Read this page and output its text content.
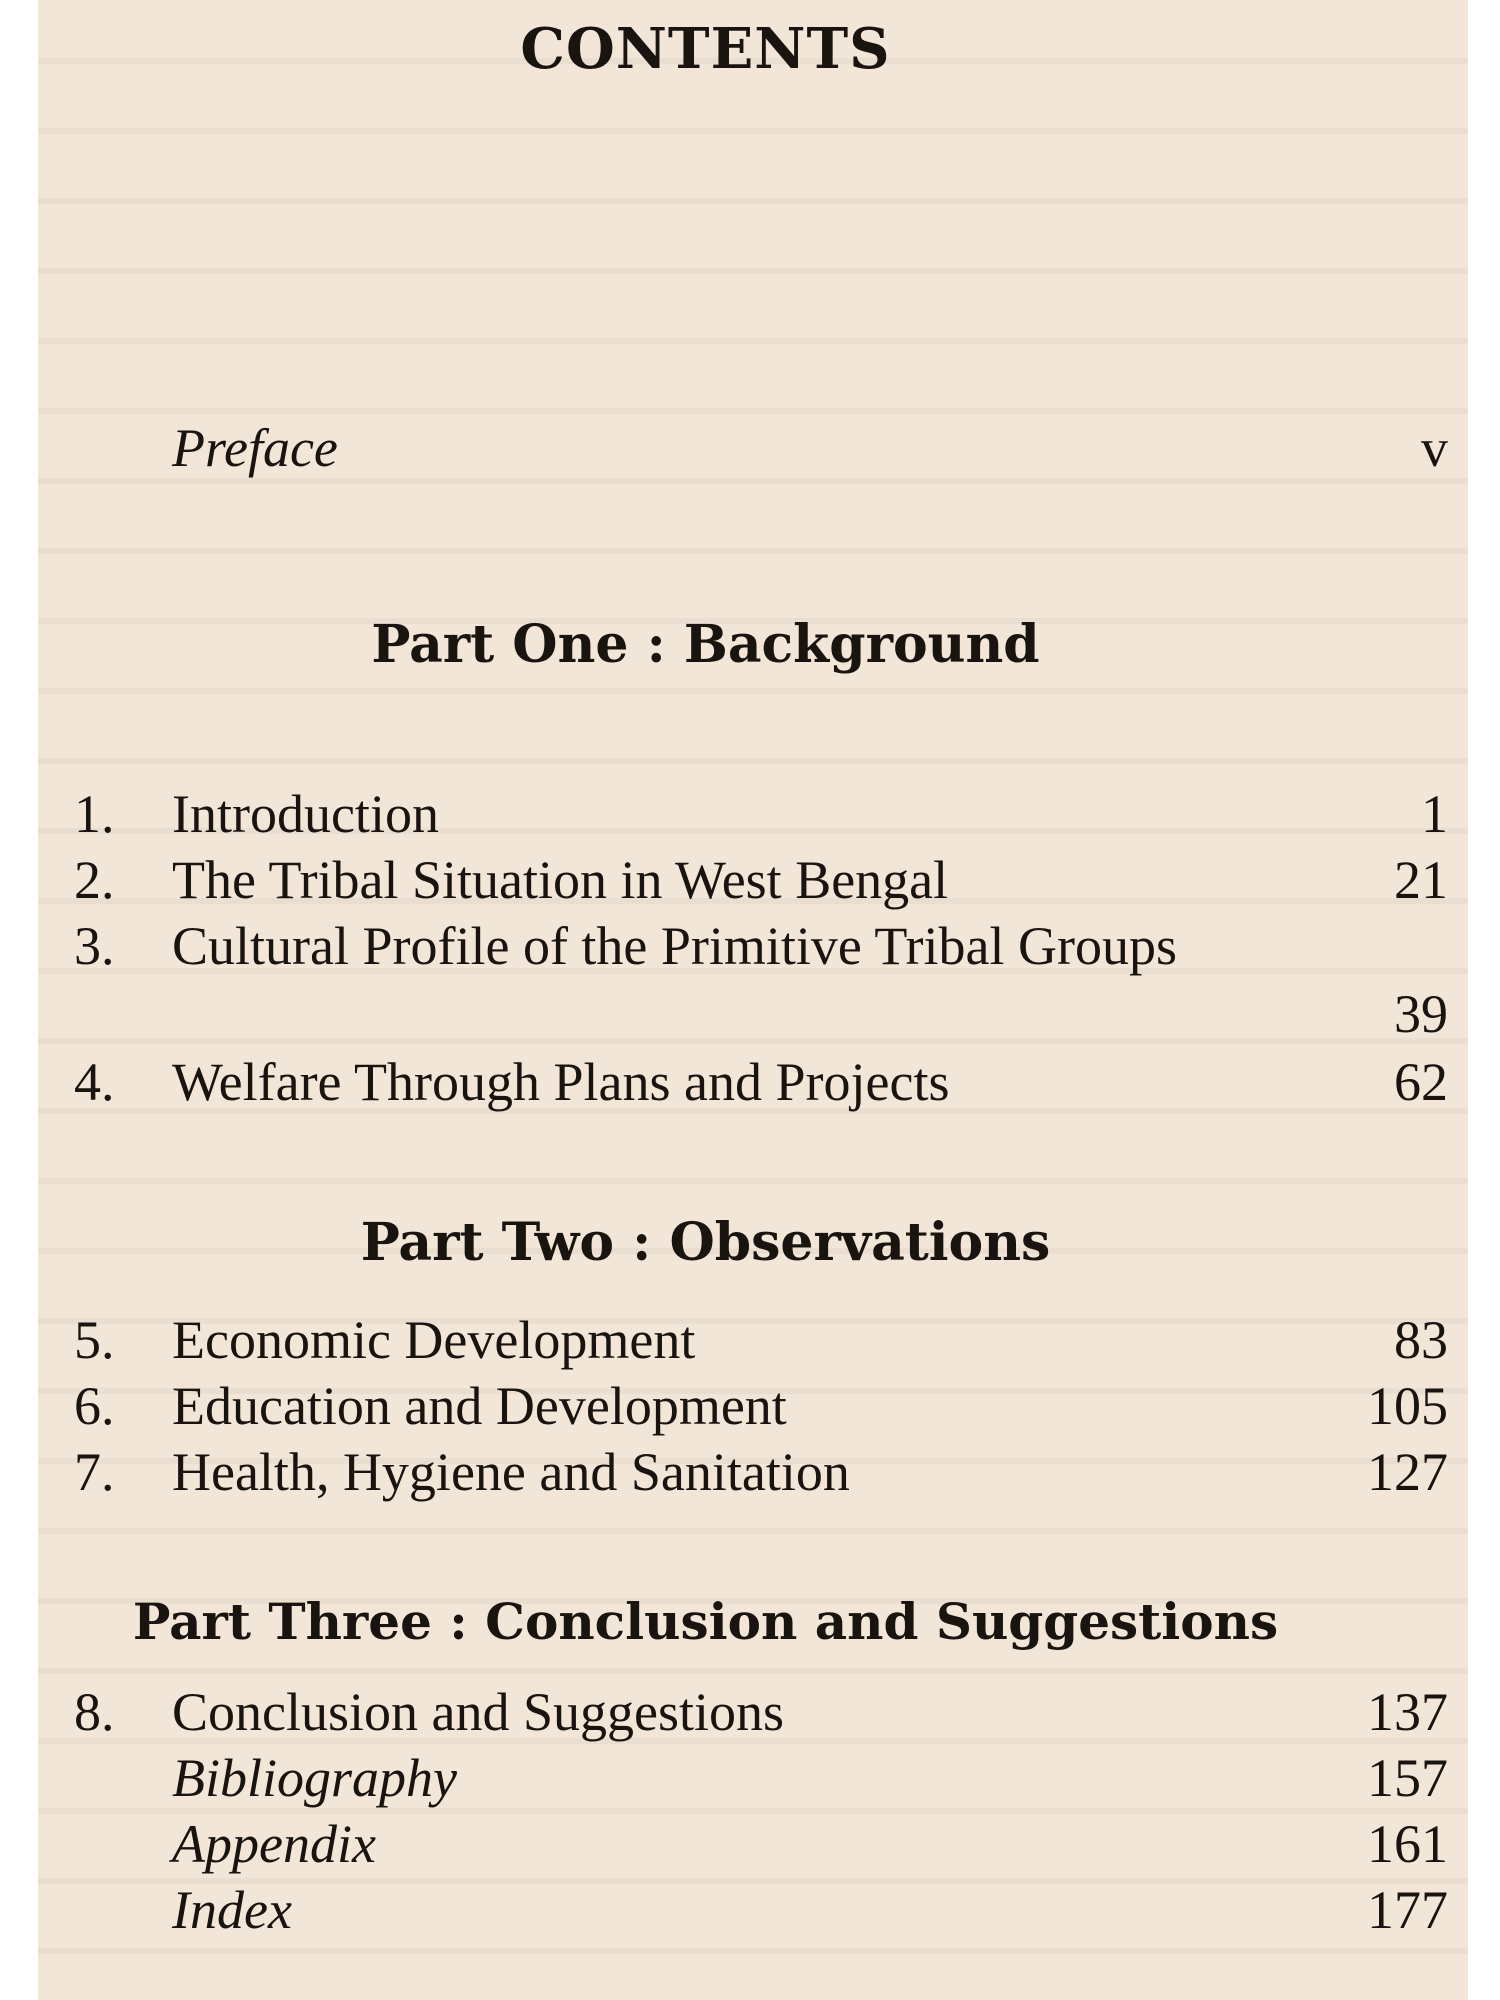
CONTENTS
Preface	v
Part One : Background
1.	Introduction	1
2.	The Tribal Situation in West Bengal	21
3.	Cultural Profile of the Primitive Tribal Groups
39
4.	Welfare Through Plans and Projects	62
Part Two : Observations
5.	Economic Development	83
6.	Education and Development	105
7.	Health, Hygiene and Sanitation	127
Part Three : Conclusion and Suggestions
8.	Conclusion and Suggestions	137
Bibliography	157
Appendix	161
Index	177
